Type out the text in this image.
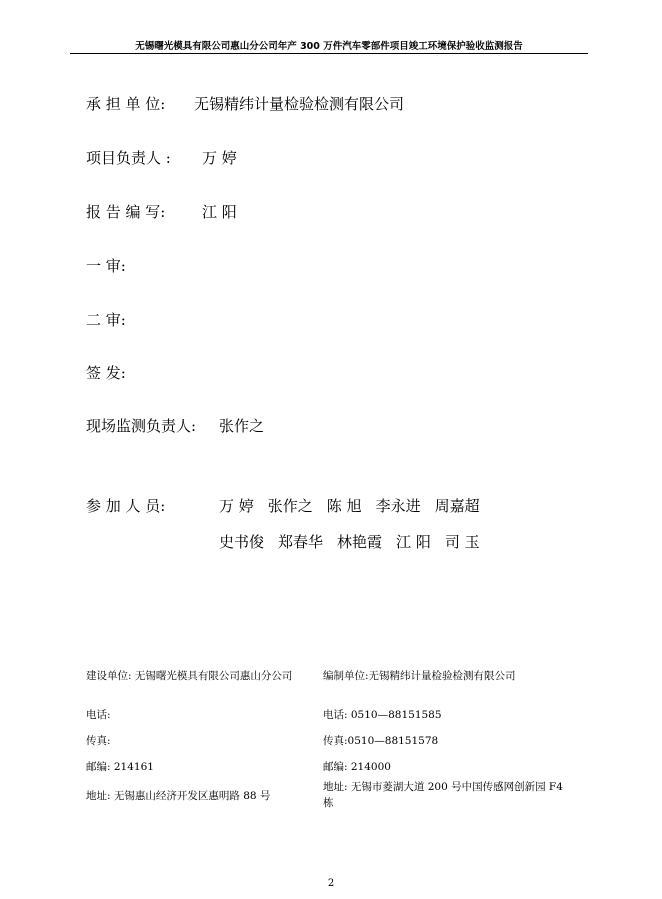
无锡曙光模具有限公司惠山分公司年产 300 万件汽车零部件项目竣工环境保护验收监测报告
承 担 单 位: 无锡精纬计量检验检测有限公司
项目负责人 : 万 婷
报 告 编 写: 江 阳
一 审:
二 审:
签 发:
现场监测负责人: 张作之
参 加 人 员:	万 婷 张作之 陈 旭 李永进 周嘉超
史书俊 郑春华 林艳霞 江 阳 司 玉
建设单位: 无锡曙光模具有限公司惠山分公司
电话:
传真:
邮编: 214161
地址: 无锡惠山经济开发区惠明路 88 号
编制单位:无锡精纬计量检验检测有限公司
电话: 0510—88151585
传真:0510—88151578
邮编: 214000
地址: 无锡市菱湖大道 200 号中国传感网创新园 F4 栋
2
